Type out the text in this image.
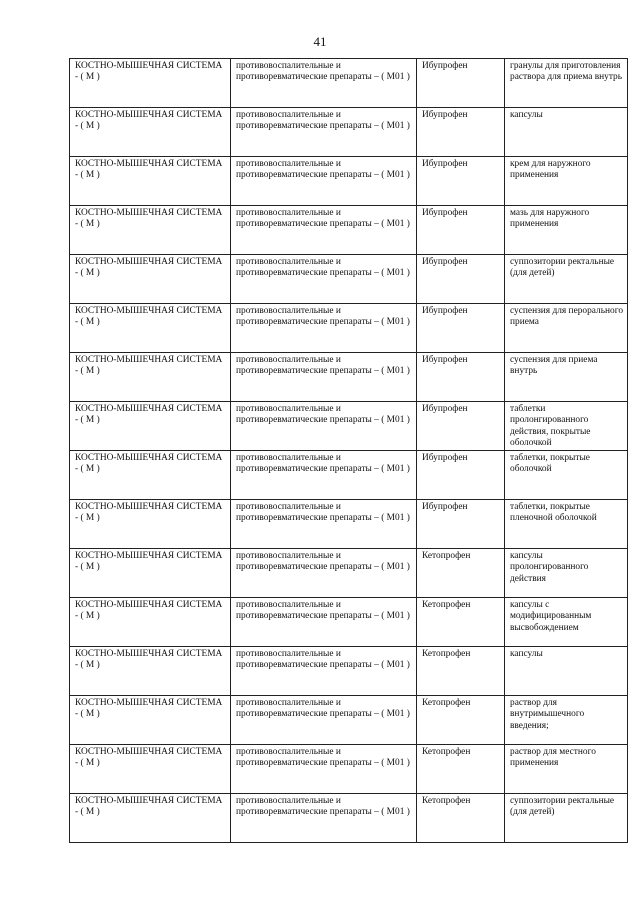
41
КОСТНО-МЫШЕЧНАЯ СИСТЕМА - ( М )	противовоспалительные и противоревматические препараты – ( М01 )	Ибупрофен	гранулы для приготовления раствора для приема внутрь
КОСТНО-МЫШЕЧНАЯ СИСТЕМА - ( М )	противовоспалительные и противоревматические препараты – ( М01 )	Ибупрофен	капсулы
КОСТНО-МЫШЕЧНАЯ СИСТЕМА - ( М )	противовоспалительные и противоревматические препараты – ( М01 )	Ибупрофен	крем для наружного применения
КОСТНО-МЫШЕЧНАЯ СИСТЕМА - ( М )	противовоспалительные и противоревматические препараты – ( М01 )	Ибупрофен	мазь для наружного применения
КОСТНО-МЫШЕЧНАЯ СИСТЕМА - ( М )	противовоспалительные и противоревматические препараты – ( М01 )	Ибупрофен	суппозитории ректальные (для детей)
КОСТНО-МЫШЕЧНАЯ СИСТЕМА - ( М )	противовоспалительные и противоревматические препараты – ( М01 )	Ибупрофен	суспензия для перорального приема
КОСТНО-МЫШЕЧНАЯ СИСТЕМА - ( М )	противовоспалительные и противоревматические препараты – ( М01 )	Ибупрофен	суспензия для приема внутрь
КОСТНО-МЫШЕЧНАЯ СИСТЕМА - ( М )	противовоспалительные и противоревматические препараты – ( М01 )	Ибупрофен	таблетки пролонгированного действия, покрытые оболочкой
КОСТНО-МЫШЕЧНАЯ СИСТЕМА - ( М )	противовоспалительные и противоревматические препараты – ( М01 )	Ибупрофен	таблетки, покрытые оболочкой
КОСТНО-МЫШЕЧНАЯ СИСТЕМА - ( М )	противовоспалительные и противоревматические препараты – ( М01 )	Ибупрофен	таблетки, покрытые пленочной оболочкой
КОСТНО-МЫШЕЧНАЯ СИСТЕМА - ( М )	противовоспалительные и противоревматические препараты – ( М01 )	Кетопрофен	капсулы пролонгированного действия
КОСТНО-МЫШЕЧНАЯ СИСТЕМА - ( М )	противовоспалительные и противоревматические препараты – ( М01 )	Кетопрофен	капсулы с модифицированным высвобождением
КОСТНО-МЫШЕЧНАЯ СИСТЕМА - ( М )	противовоспалительные и противоревматические препараты – ( М01 )	Кетопрофен	капсулы
КОСТНО-МЫШЕЧНАЯ СИСТЕМА - ( М )	противовоспалительные и противоревматические препараты – ( М01 )	Кетопрофен	раствор для внутримышечного введения;
КОСТНО-МЫШЕЧНАЯ СИСТЕМА - ( М )	противовоспалительные и противоревматические препараты – ( М01 )	Кетопрофен	раствор для местного применения
КОСТНО-МЫШЕЧНАЯ СИСТЕМА - ( М )	противовоспалительные и противоревматические препараты – ( М01 )	Кетопрофен	суппозитории ректальные (для детей)
